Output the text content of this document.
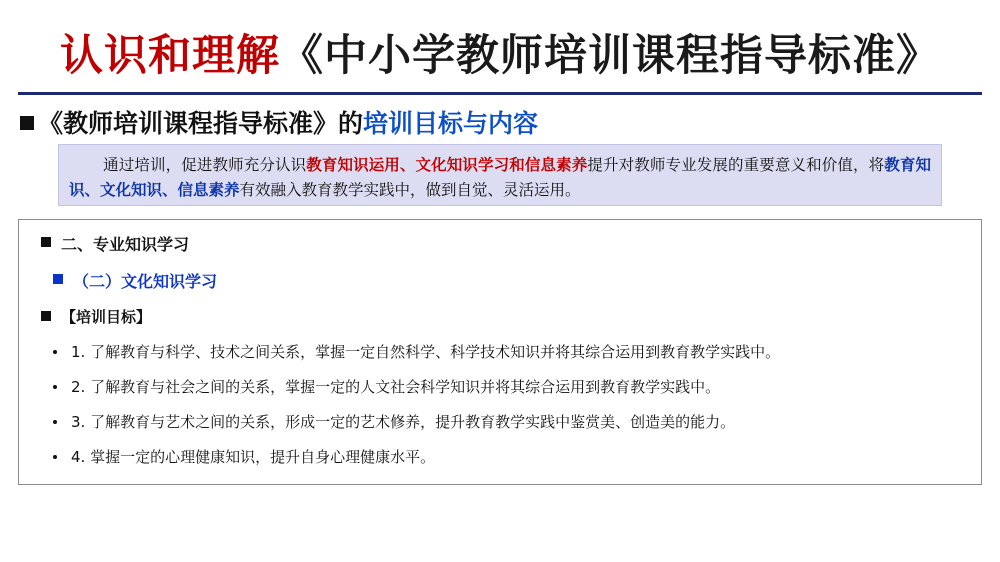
认识和理解《中小学教师培训课程指导标准》
《教师培训课程指导标准》的培训目标与内容
通过培训，促进教师充分认识教育知识运用、文化知识学习和信息素养提升对教师专业发展的重要意义和价值，将教育知识、文化知识、信息素养有效融入教育教学实践中，做到自觉、灵活运用。
二、专业知识学习
（二）文化知识学习
【培训目标】
1. 了解教育与科学、技术之间关系，掌握一定自然科学、科学技术知识并将其综合运用到教育教学实践中。
2. 了解教育与社会之间的关系，掌握一定的人文社会科学知识并将其综合运用到教育教学实践中。
3. 了解教育与艺术之间的关系，形成一定的艺术修养，提升教育教学实践中鉴赏美、创造美的能力。
4. 掌握一定的心理健康知识，提升自身心理健康水平。
